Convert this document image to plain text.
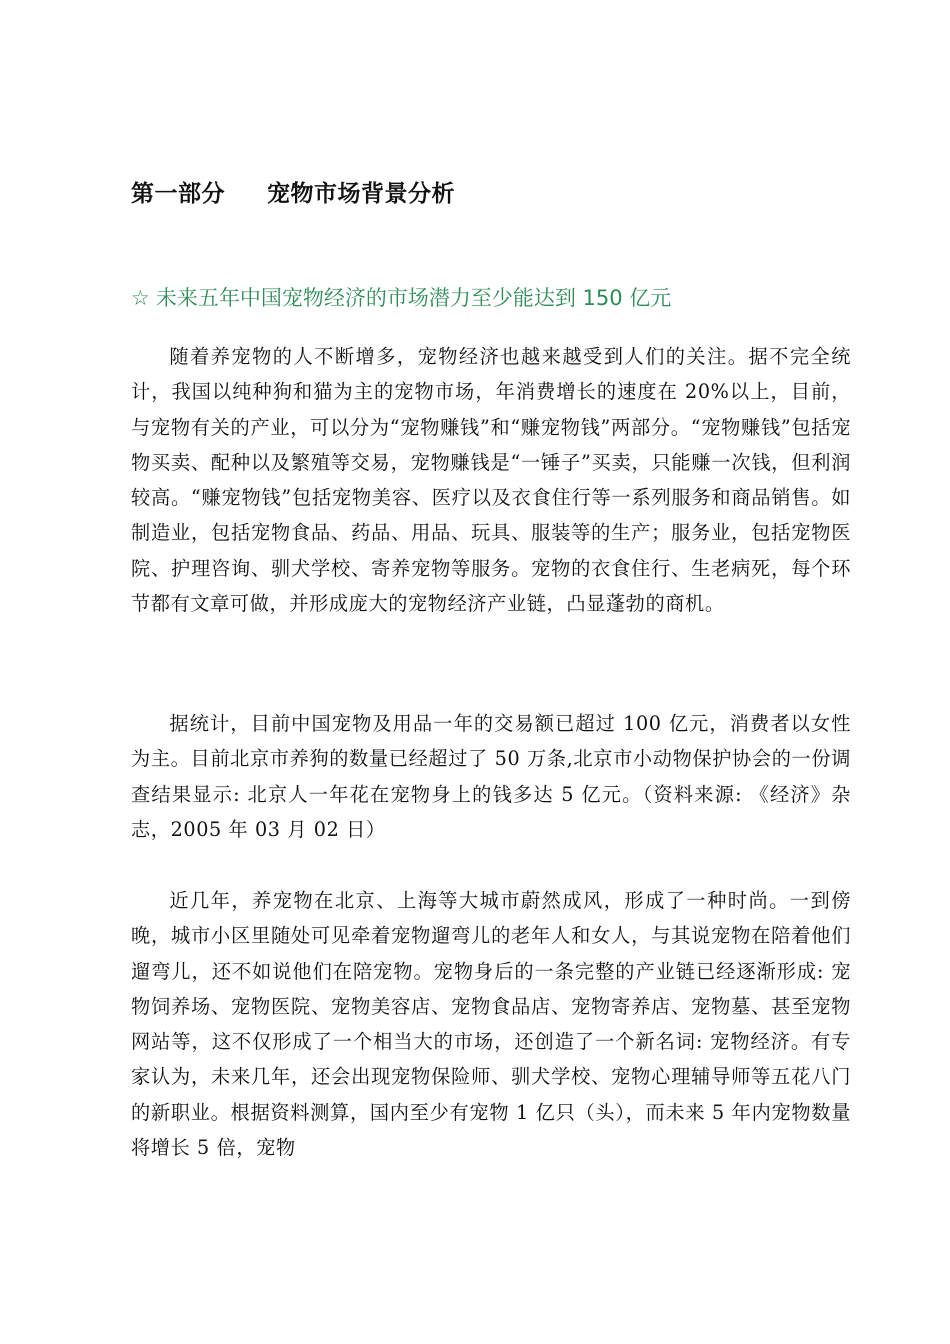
第一部分 宠物市场背景分析
☆ 未来五年中国宠物经济的市场潜力至少能达到 150 亿元

随着养宠物的人不断增多，宠物经济也越来越受到人们的关注。据不完全统计，我国以纯种狗和猫为主的宠物市场，年消费增长的速度在 20%以上，目前，与宠物有关的产业，可以分为“宠物赚钱”和“赚宠物钱”两部分。“宠物赚钱”包括宠物买卖、配种以及繁殖等交易，宠物赚钱是“一锤子”买卖，只能赚一次钱，但利润较高。“赚宠物钱”包括宠物美容、医疗以及衣食住行等一系列服务和商品销售。如制造业，包括宠物食品、药品、用品、玩具、服装等的生产；服务业，包括宠物医院、护理咨询、驯犬学校、寄养宠物等服务。宠物的衣食住行、生老病死，每个环节都有文章可做，并形成庞大的宠物经济产业链，凸显蓬勃的商机。

据统计，目前中国宠物及用品一年的交易额已超过 100 亿元，消费者以女性为主。目前北京市养狗的数量已经超过了 50 万条,北京市小动物保护协会的一份调查结果显示: 北京人一年花在宠物身上的钱多达 5 亿元。（资料来源: 《经济》杂志，2005 年 03 月 02 日）

近几年，养宠物在北京、上海等大城市蔚然成风，形成了一种时尚。一到傍晚，城市小区里随处可见牵着宠物遛弯儿的老年人和女人，与其说宠物在陪着他们遛弯儿，还不如说他们在陪宠物。宠物身后的一条完整的产业链已经逐渐形成: 宠物饲养场、宠物医院、宠物美容店、宠物食品店、宠物寄养店、宠物墓、甚至宠物网站等，这不仅形成了一个相当大的市场，还创造了一个新名词: 宠物经济。有专家认为，未来几年，还会出现宠物保险师、驯犬学校、宠物心理辅导师等五花八门的新职业。根据资料测算，国内至少有宠物 1 亿只（头），而未来 5 年内宠物数量将增长 5 倍，宠物
